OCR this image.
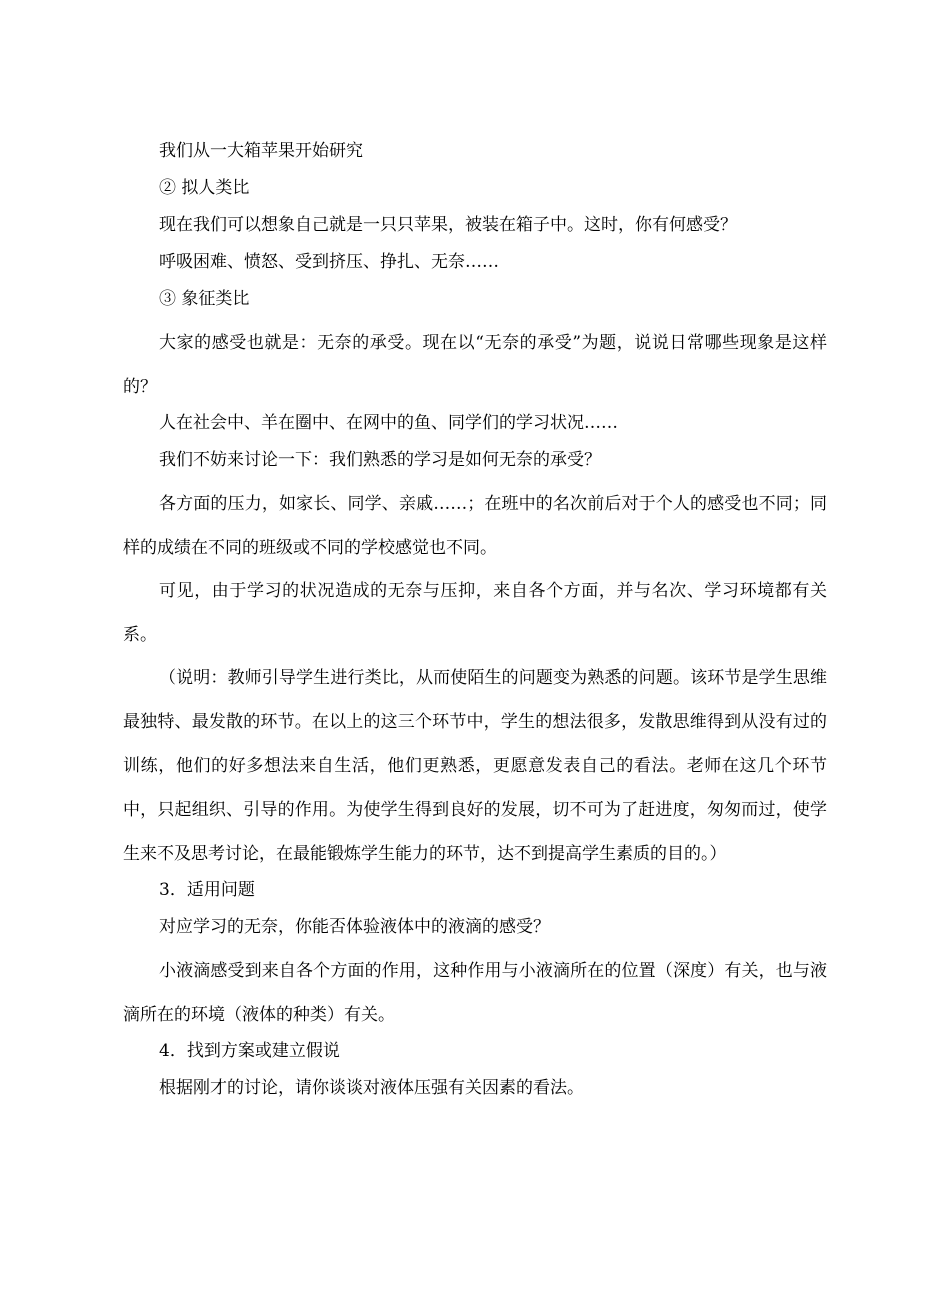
我们从一大箱苹果开始研究

② 拟人类比

现在我们可以想象自己就是一只只苹果，被装在箱子中。这时，你有何感受？

呼吸困难、愤怒、受到挤压、挣扎、无奈……

③ 象征类比

大家的感受也就是：无奈的承受。现在以“无奈的承受”为题，说说日常哪些现象是这样的？

人在社会中、羊在圈中、在网中的鱼、同学们的学习状况……

我们不妨来讨论一下：我们熟悉的学习是如何无奈的承受？

各方面的压力，如家长、同学、亲戚……；在班中的名次前后对于个人的感受也不同；同样的成绩在不同的班级或不同的学校感觉也不同。

可见，由于学习的状况造成的无奈与压抑，来自各个方面，并与名次、学习环境都有关系。

（说明：教师引导学生进行类比，从而使陌生的问题变为熟悉的问题。该环节是学生思维最独特、最发散的环节。在以上的这三个环节中，学生的想法很多，发散思维得到从没有过的训练，他们的好多想法来自生活，他们更熟悉，更愿意发表自己的看法。老师在这几个环节中，只起组织、引导的作用。为使学生得到良好的发展，切不可为了赶进度，匆匆而过，使学生来不及思考讨论，在最能锻炼学生能力的环节，达不到提高学生素质的目的。）

3．适用问题

对应学习的无奈，你能否体验液体中的液滴的感受？

小液滴感受到来自各个方面的作用，这种作用与小液滴所在的位置（深度）有关，也与液滴所在的环境（液体的种类）有关。

4．找到方案或建立假说

根据刚才的讨论，请你谈谈对液体压强有关因素的看法。
